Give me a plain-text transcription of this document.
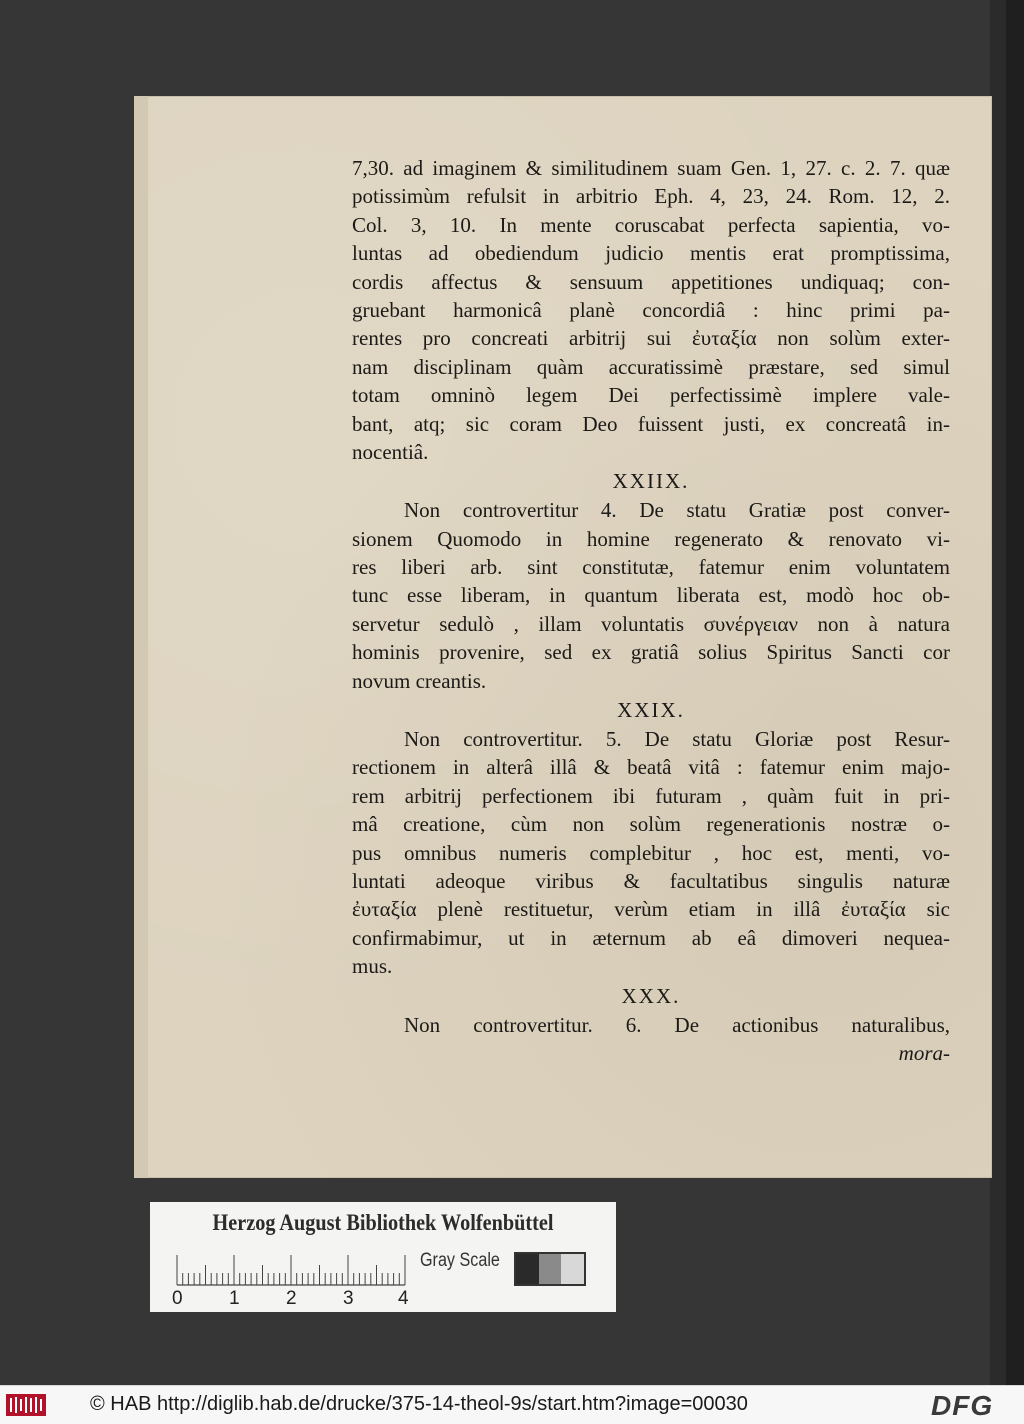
7,30. ad imaginem & similitudinem suam Gen. 1, 27. c. 2. 7. quæ
potissimùm refulsit in arbitrio Eph. 4, 23, 24. Rom. 12, 2.
Col. 3, 10. In mente coruscabat perfecta sapientia, vo-
luntas ad obediendum judicio mentis erat promptissima,
cordis affectus & sensuum appetitiones undiquaq; con-
gruebant harmonicâ planè concordiâ : hinc primi pa-
rentes pro concreati arbitrij sui ἐυταξία non solùm exter-
nam disciplinam quàm accuratissimè præstare, sed simul
totam omninò legem Dei perfectissimè implere vale-
bant, atq; sic coram Deo fuissent justi, ex concreatâ in-
nocentiâ.
XXIIX.
Non controvertitur 4. De statu Gratiæ post conver-
sionem Quomodo in homine regenerato & renovato vi-
res liberi arb. sint constitutæ, fatemur enim voluntatem
tunc esse liberam, in quantum liberata est, modò hoc ob-
servetur sedulò , illam voluntatis συνέργειαν non à natura
hominis provenire, sed ex gratiâ solius Spiritus Sancti cor
novum creantis.
XXIX.
Non controvertitur. 5. De statu Gloriæ post Resur-
rectionem in alterâ illâ & beatâ vitâ : fatemur enim majo-
rem arbitrij perfectionem ibi futuram , quàm fuit in pri-
mâ creatione, cùm non solùm regenerationis nostræ o-
pus omnibus numeris complebitur , hoc est, menti, vo-
luntati adeoque viribus & facultatibus singulis naturæ
ἐυταξία plenè restituetur, verùm etiam in illâ ἐυταξία sic
confirmabimur, ut in æternum ab eâ dimoveri nequea-
mus.
XXX.
Non controvertitur. 6. De actionibus naturalibus,
mora-
Herzog August Bibliothek Wolfenbüttel
Gray Scale
0 1 2 3 4
© HAB http://diglib.hab.de/drucke/375-14-theol-9s/start.htm?image=00030	DFG
